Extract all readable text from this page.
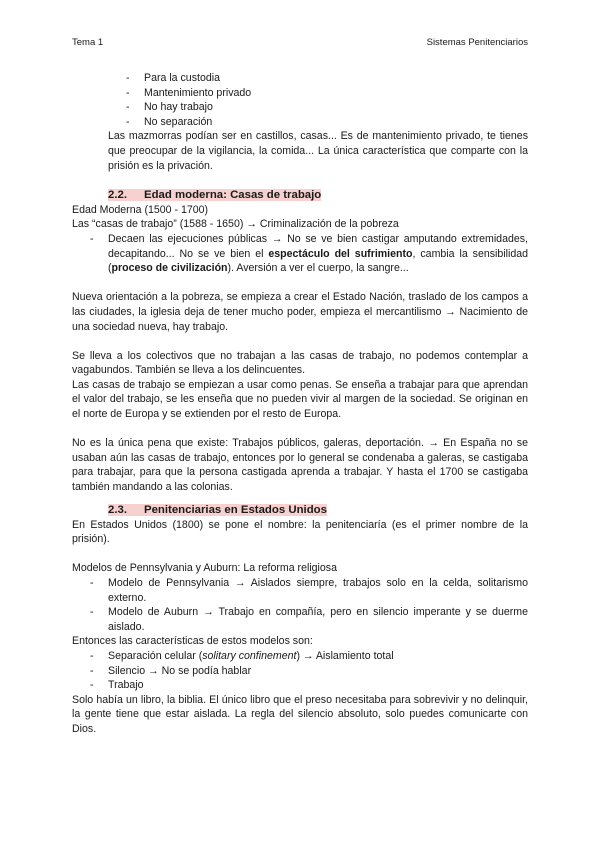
Tema 1	Sistemas Penitenciarios
- Para la custodia
- Mantenimiento privado
- No hay trabajo
- No separación

Las mazmorras podían ser en castillos, casas... Es de mantenimiento privado, te tienes que preocupar de la vigilancia, la comida... La única característica que comparte con la prisión es la privación.

2.2. Edad moderna: Casas de trabajo

Edad Moderna (1500 - 1700)

Las “casas de trabajo” (1588 - 1650) → Criminalización de la pobreza

- Decaen las ejecuciones públicas → No se ve bien castigar amputando extremidades, decapitando... No se ve bien el espectáculo del sufrimiento, cambia la sensibilidad (proceso de civilización). Aversión a ver el cuerpo, la sangre...

Nueva orientación a la pobreza, se empieza a crear el Estado Nación, traslado de los campos a las ciudades, la iglesia deja de tener mucho poder, empieza el mercantilismo → Nacimiento de una sociedad nueva, hay trabajo.

Se lleva a los colectivos que no trabajan a las casas de trabajo, no podemos contemplar a vagabundos. También se lleva a los delincuentes.

Las casas de trabajo se empiezan a usar como penas. Se enseña a trabajar para que aprendan el valor del trabajo, se les enseña que no pueden vivir al margen de la sociedad. Se originan en el norte de Europa y se extienden por el resto de Europa.

No es la única pena que existe: Trabajos públicos, galeras, deportación. → En España no se usaban aún las casas de trabajo, entonces por lo general se condenaba a galeras, se castigaba para trabajar, para que la persona castigada aprenda a trabajar. Y hasta el 1700 se castigaba también mandando a las colonias.

2.3. Penitenciarias en Estados Unidos

En Estados Unidos (1800) se pone el nombre: la penitenciaría (es el primer nombre de la prisión).

Modelos de Pennsylvania y Auburn: La reforma religiosa

- Modelo de Pennsylvania → Aislados siempre, trabajos solo en la celda, solitarismo externo.
- Modelo de Auburn → Trabajo en compañía, pero en silencio imperante y se duerme aislado.

Entonces las características de estos modelos son:

- Separación celular (solitary confinement) → Aislamiento total
- Silencio → No se podía hablar
- Trabajo

Solo había un libro, la biblia. El único libro que el preso necesitaba para sobrevivir y no delinquir, la gente tiene que estar aislada. La regla del silencio absoluto, solo puedes comunicarte con Dios.
